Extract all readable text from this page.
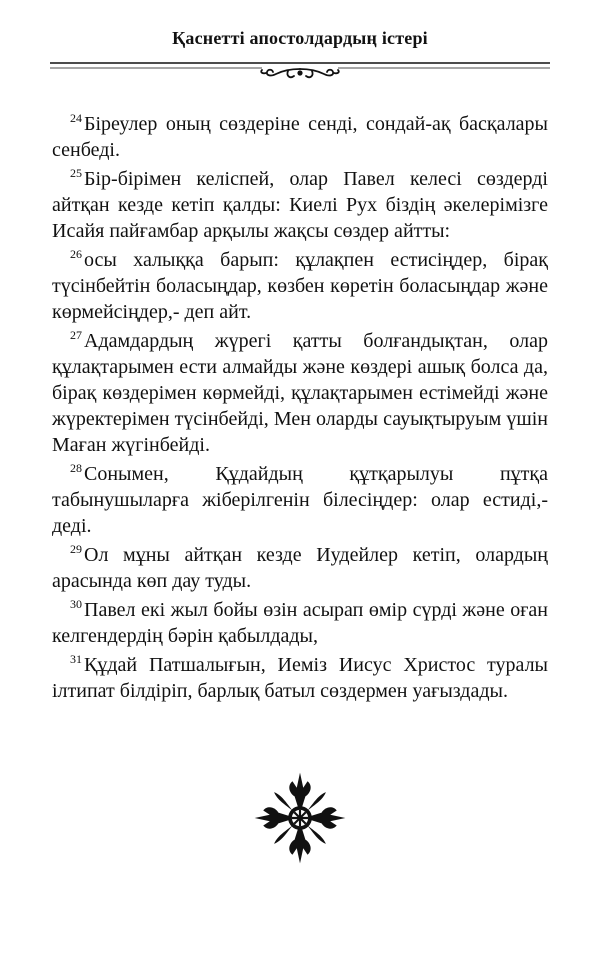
Қаснетті апостолдардың істері

$^{24}$ Біреулер оның сөздеріне сенді, сондай-ақ басқалары сенбеді.

$^{25}$ Бір-бірімен келіспей, олар Павел келесі сөздерді айтқан кезде кетіп қалды: Киелі Рух біздің әкелерімізге Исайя пайғамбар арқылы жақсы сөздер айтты:

$^{26}$ осы халыққа барып: құлақпен естисіңдер, бірақ түсінбейтін боласыңдар, көзбен көретін боласыңдар және көрмейсіңдер,- деп айт.

$^{27}$ Адамдардың жүрегі қатты болғандықтан, олар құлақтарымен ести алмайды және көздері ашық болса да, бірақ көздерімен көрмейді, құлақтарымен естімейді және жүректерімен түсінбейді, Мен оларды сауықтыруым үшін Маған жүгінбейді.

$^{28}$ Сонымен, Құдайдың құтқарылуы пұтқа табынушыларға жіберілгенін білесіңдер: олар естиді,- деді.

$^{29}$ Ол мұны айтқан кезде Иудейлер кетіп, олардың арасында көп дау туды.

$^{30}$ Павел екі жыл бойы өзін асырап өмір сүрді және оған келгендердің бәрін қабылдады,

$^{31}$ Құдай Патшалығын, Иеміз Иисус Христос туралы ілтипат білдіріп, барлық батыл сөздермен уағыздады.
